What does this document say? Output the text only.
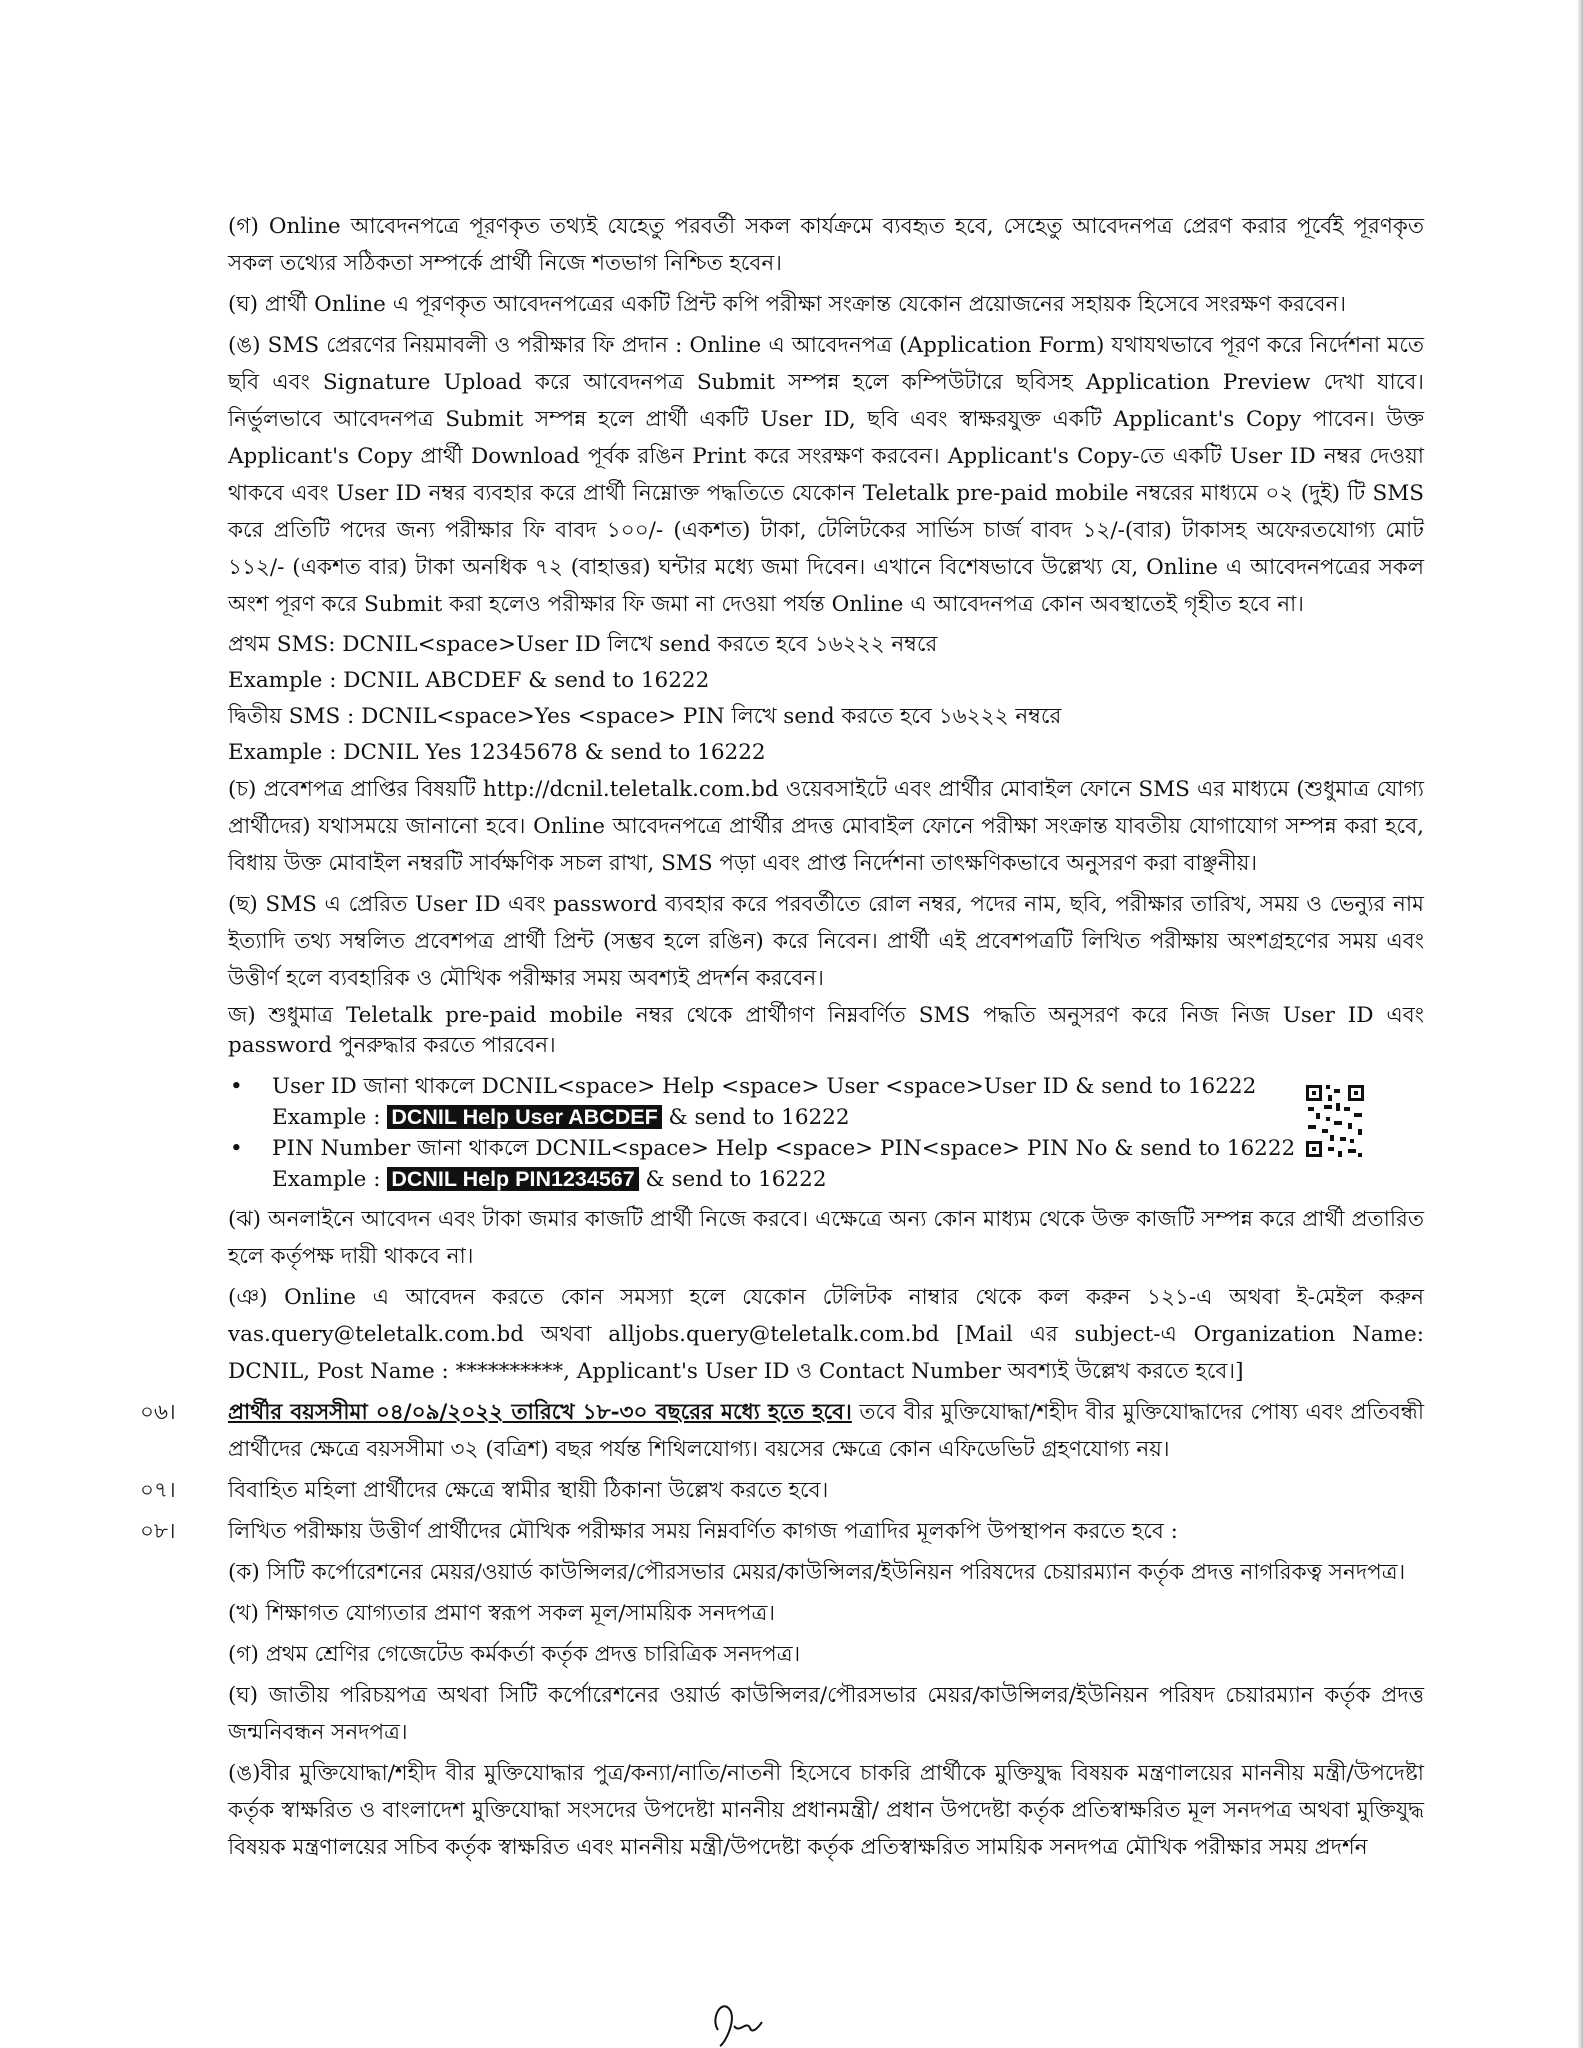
(গ) Online আবেদনপত্রে পূরণকৃত তথ্যই যেহেতু পরবর্তী সকল কার্যক্রমে ব্যবহৃত হবে, সেহেতু আবেদনপত্র প্রেরণ করার পূর্বেই পূরণকৃত সকল তথ্যের সঠিকতা সম্পর্কে প্রার্থী নিজে শতভাগ নিশ্চিত হবেন।

(ঘ) প্রার্থী Online এ পূরণকৃত আবেদনপত্রের একটি প্রিন্ট কপি পরীক্ষা সংক্রান্ত যেকোন প্রয়োজনের সহায়ক হিসেবে সংরক্ষণ করবেন।

(ঙ) SMS প্রেরণের নিয়মাবলী ও পরীক্ষার ফি প্রদান : Online এ আবেদনপত্র (Application Form) যথাযথভাবে পূরণ করে নির্দেশনা মতে ছবি এবং Signature Upload করে আবেদনপত্র Submit সম্পন্ন হলে কম্পিউটারে ছবিসহ Application Preview দেখা যাবে। নির্ভুলভাবে আবেদনপত্র Submit সম্পন্ন হলে প্রার্থী একটি User ID, ছবি এবং স্বাক্ষরযুক্ত একটি Applicant's Copy পাবেন। উক্ত Applicant's Copy প্রার্থী Download পূর্বক রঙিন Print করে সংরক্ষণ করবেন। Applicant's Copy-তে একটি User ID নম্বর দেওয়া থাকবে এবং User ID নম্বর ব্যবহার করে প্রার্থী নিম্নোক্ত পদ্ধতিতে যেকোন Teletalk pre-paid mobile নম্বরের মাধ্যমে ০২ (দুই) টি SMS করে প্রতিটি পদের জন্য পরীক্ষার ফি বাবদ ১০০/- (একশত) টাকা, টেলিটকের সার্ভিস চার্জ বাবদ ১২/-(বার) টাকাসহ অফেরতযোগ্য মোট ১১২/- (একশত বার) টাকা অনধিক ৭২ (বাহাত্তর) ঘন্টার মধ্যে জমা দিবেন। এখানে বিশেষভাবে উল্লেখ্য যে, Online এ আবেদনপত্রের সকল অংশ পূরণ করে Submit করা হলেও পরীক্ষার ফি জমা না দেওয়া পর্যন্ত Online এ আবেদনপত্র কোন অবস্থাতেই গৃহীত হবে না।

প্রথম SMS: DCNIL<space>User ID লিখে send করতে হবে ১৬২২২ নম্বরে

Example : DCNIL ABCDEF & send to 16222

দ্বিতীয় SMS : DCNIL<space>Yes <space> PIN লিখে send করতে হবে ১৬২২২ নম্বরে

Example : DCNIL Yes 12345678 & send to 16222

(চ) প্রবেশপত্র প্রাপ্তির বিষয়টি http://dcnil.teletalk.com.bd ওয়েবসাইটে এবং প্রার্থীর মোবাইল ফোনে SMS এর মাধ্যমে (শুধুমাত্র যোগ্য প্রার্থীদের) যথাসময়ে জানানো হবে। Online আবেদনপত্রে প্রার্থীর প্রদত্ত মোবাইল ফোনে পরীক্ষা সংক্রান্ত যাবতীয় যোগাযোগ সম্পন্ন করা হবে, বিধায় উক্ত মোবাইল নম্বরটি সার্বক্ষণিক সচল রাখা, SMS পড়া এবং প্রাপ্ত নির্দেশনা তাৎক্ষণিকভাবে অনুসরণ করা বাঞ্ছনীয়।

(ছ) SMS এ প্রেরিত User ID এবং password ব্যবহার করে পরবর্তীতে রোল নম্বর, পদের নাম, ছবি, পরীক্ষার তারিখ, সময় ও ভেন্যুর নাম ইত্যাদি তথ্য সম্বলিত প্রবেশপত্র প্রার্থী প্রিন্ট (সম্ভব হলে রঙিন) করে নিবেন। প্রার্থী এই প্রবেশপত্রটি লিখিত পরীক্ষায় অংশগ্রহণের সময় এবং উত্তীর্ণ হলে ব্যবহারিক ও মৌখিক পরীক্ষার সময় অবশ্যই প্রদর্শন করবেন।

জ) শুধুমাত্র Teletalk pre-paid mobile নম্বর থেকে প্রার্থীগণ নিম্নবর্ণিত SMS পদ্ধতি অনুসরণ করে নিজ নিজ User ID এবং password পুনরুদ্ধার করতে পারবেন।

• User ID জানা থাকলে DCNIL<space> Help <space> User <space>User ID & send to 16222
Example : DCNIL Help User ABCDEF & send to 16222
• PIN Number জানা থাকলে DCNIL<space> Help <space> PIN<space> PIN No & send to 16222
Example : DCNIL Help PIN1234567 & send to 16222

(ঝ) অনলাইনে আবেদন এবং টাকা জমার কাজটি প্রার্থী নিজে করবে। এক্ষেত্রে অন্য কোন মাধ্যম থেকে উক্ত কাজটি সম্পন্ন করে প্রার্থী প্রতারিত হলে কর্তৃপক্ষ দায়ী থাকবে না।

(ঞ) Online এ আবেদন করতে কোন সমস্যা হলে যেকোন টেলিটক নাম্বার থেকে কল করুন ১২১-এ অথবা ই-মেইল করুন vas.query@teletalk.com.bd অথবা alljobs.query@teletalk.com.bd [Mail এর subject-এ Organization Name: DCNIL, Post Name : **********, Applicant's User ID ও Contact Number অবশ্যই উল্লেখ করতে হবে।]

০৬। প্রার্থীর বয়সসীমা ০৪/০৯/২০২২ তারিখে ১৮-৩০ বছরের মধ্যে হতে হবে। তবে বীর মুক্তিযোদ্ধা/শহীদ বীর মুক্তিযোদ্ধাদের পোষ্য এবং প্রতিবন্ধী প্রার্থীদের ক্ষেত্রে বয়সসীমা ৩২ (বত্রিশ) বছর পর্যন্ত শিথিলযোগ্য। বয়সের ক্ষেত্রে কোন এফিডেভিট গ্রহণযোগ্য নয়।

০৭। বিবাহিত মহিলা প্রার্থীদের ক্ষেত্রে স্বামীর স্থায়ী ঠিকানা উল্লেখ করতে হবে।

০৮। লিখিত পরীক্ষায় উত্তীর্ণ প্রার্থীদের মৌখিক পরীক্ষার সময় নিম্নবর্ণিত কাগজ পত্রাদির মূলকপি উপস্থাপন করতে হবে :

(ক) সিটি কর্পোরেশনের মেয়র/ওয়ার্ড কাউন্সিলর/পৌরসভার মেয়র/কাউন্সিলর/ইউনিয়ন পরিষদের চেয়ারম্যান কর্তৃক প্রদত্ত নাগরিকত্ব সনদপত্র।

(খ) শিক্ষাগত যোগ্যতার প্রমাণ স্বরূপ সকল মূল/সাময়িক সনদপত্র।

(গ) প্রথম শ্রেণির গেজেটেড কর্মকর্তা কর্তৃক প্রদত্ত চারিত্রিক সনদপত্র।

(ঘ) জাতীয় পরিচয়পত্র অথবা সিটি কর্পোরেশনের ওয়ার্ড কাউন্সিলর/পৌরসভার মেয়র/কাউন্সিলর/ইউনিয়ন পরিষদ চেয়ারম্যান কর্তৃক প্রদত্ত জন্মনিবন্ধন সনদপত্র।

(ঙ)বীর মুক্তিযোদ্ধা/শহীদ বীর মুক্তিযোদ্ধার পুত্র/কন্যা/নাতি/নাতনী হিসেবে চাকরি প্রার্থীকে মুক্তিযুদ্ধ বিষয়ক মন্ত্রণালয়ের মাননীয় মন্ত্রী/উপদেষ্টা কর্তৃক স্বাক্ষরিত ও বাংলাদেশ মুক্তিযোদ্ধা সংসদের উপদেষ্টা মাননীয় প্রধানমন্ত্রী/ প্রধান উপদেষ্টা কর্তৃক প্রতিস্বাক্ষরিত মূল সনদপত্র অথবা মুক্তিযুদ্ধ বিষয়ক মন্ত্রণালয়ের সচিব কর্তৃক স্বাক্ষরিত এবং মাননীয় মন্ত্রী/উপদেষ্টা কর্তৃক প্রতিস্বাক্ষরিত সাময়িক সনদপত্র মৌখিক পরীক্ষার সময় প্রদর্শন
